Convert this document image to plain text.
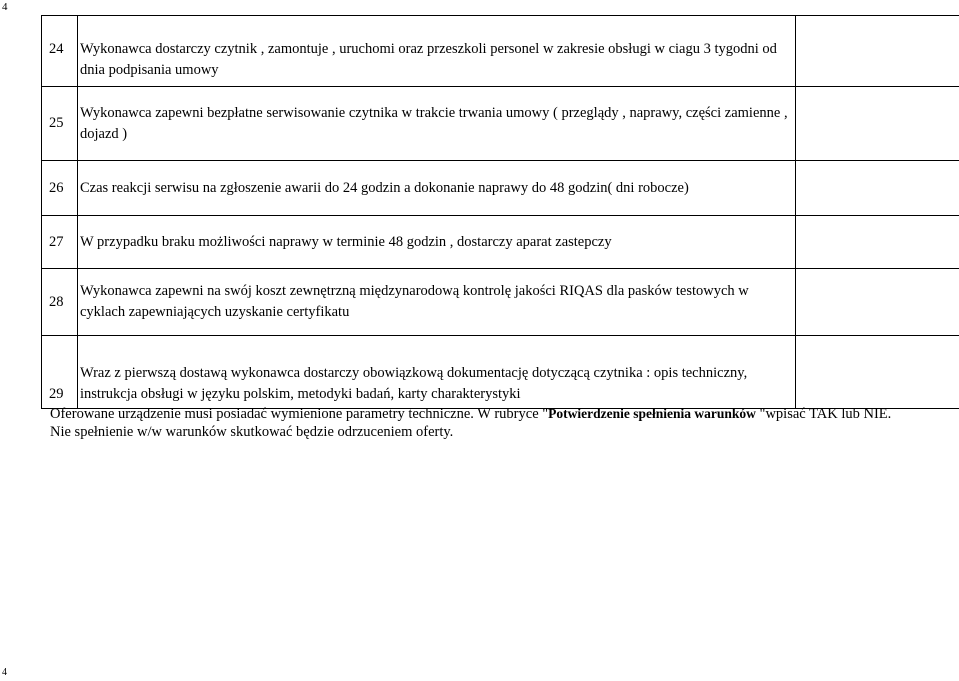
4
24	Wykonawca dostarczy czytnik , zamontuje , uruchomi oraz przeszkoli personel w zakresie obsługi w ciagu 3 tygodni od dnia podpisania umowy	
25	Wykonawca zapewni bezpłatne serwisowanie czytnika w trakcie trwania umowy ( przeglądy , naprawy, części zamienne , dojazd )	
26	Czas reakcji serwisu na zgłoszenie awarii do 24 godzin a dokonanie naprawy do 48 godzin( dni robocze)	
27	W przypadku braku możliwości naprawy w terminie 48 godzin , dostarczy aparat zastepczy	
28	Wykonawca zapewni na swój koszt zewnętrzną międzynarodową kontrolę jakości RIQAS dla pasków testowych w cyklach zapewniających uzyskanie certyfikatu	
29	Wraz z pierwszą dostawą wykonawca dostarczy obowiązkową dokumentację dotyczącą czytnika : opis techniczny, instrukcja obsługi w języku polskim, metodyki badań, karty charakterystyki	

Oferowane urządzenie musi posiadać wymienione parametry techniczne. W rubryce "Potwierdzenie spełnienia warunków "wpisać TAK lub NIE.

Nie spełnienie w/w warunków skutkować będzie odrzuceniem oferty.

4
